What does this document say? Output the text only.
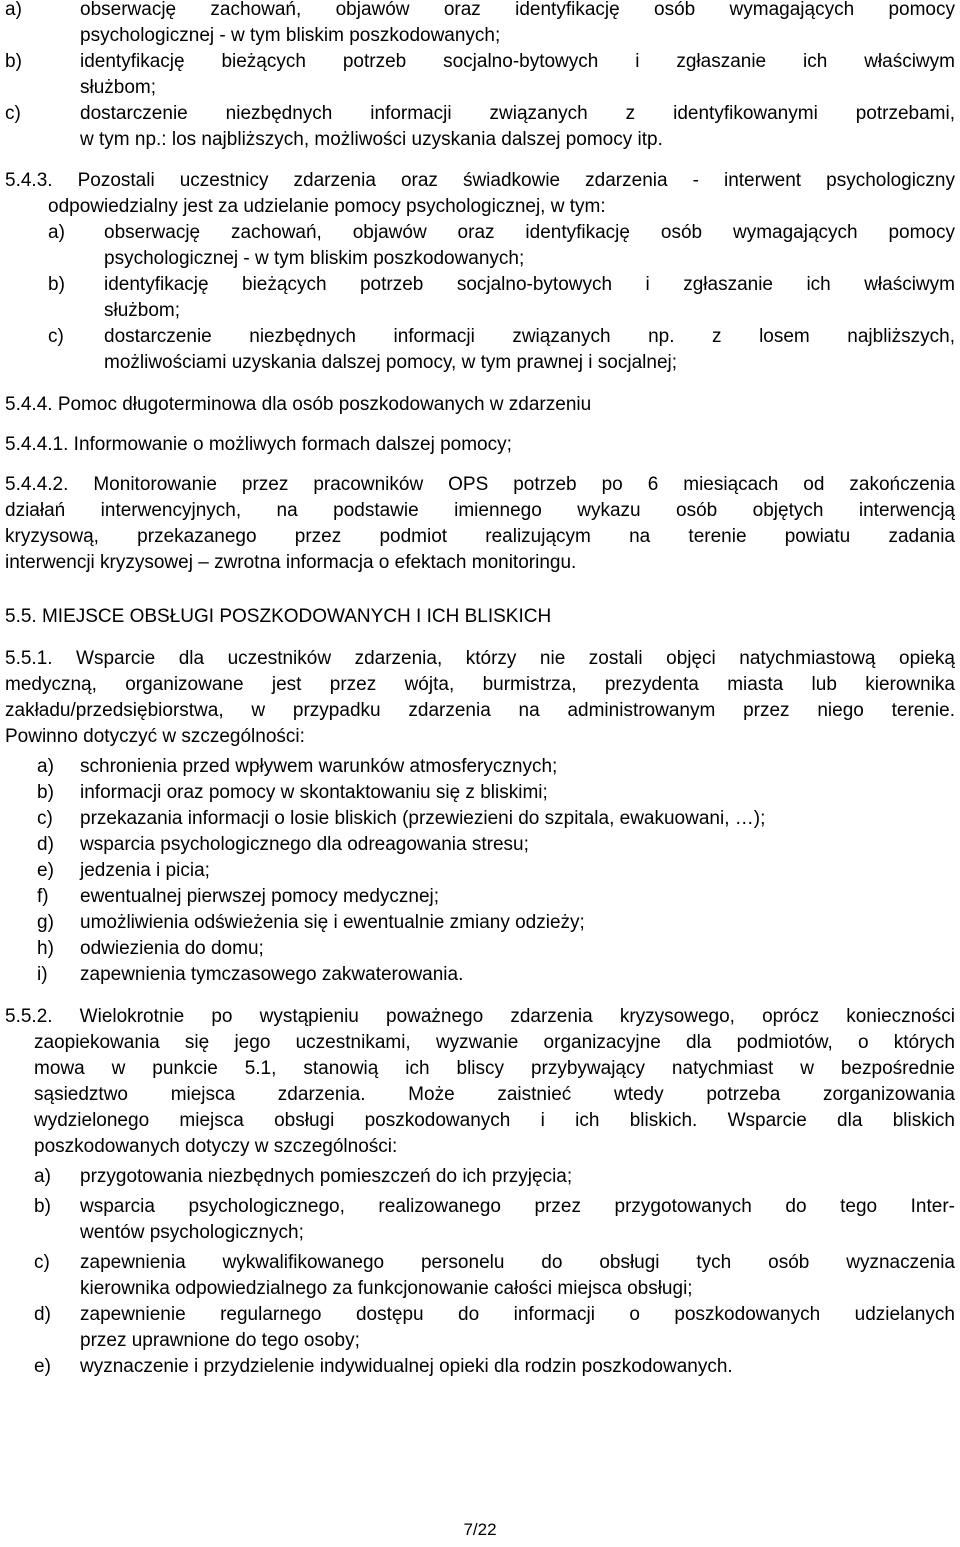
a)	obserwację zachowań, objawów oraz identyfikację osób wymagających pomocy
psychologicznej - w tym bliskim poszkodowanych;
b)	identyfikację bieżących potrzeb socjalno-bytowych i zgłaszanie ich właściwym
służbom;
c)	dostarczenie niezbędnych informacji związanych z identyfikowanymi potrzebami,
w tym np.: los najbliższych, możliwości uzyskania dalszej pomocy itp.
5.4.3. Pozostali uczestnicy zdarzenia oraz świadkowie zdarzenia - interwent psychologiczny
odpowiedzialny jest za udzielanie pomocy psychologicznej, w tym:
a) obserwację zachowań, objawów oraz identyfikację osób wymagających pomocy
psychologicznej - w tym bliskim poszkodowanych;
b) identyfikację bieżących potrzeb socjalno-bytowych i zgłaszanie ich właściwym
służbom;
c) dostarczenie niezbędnych informacji związanych np. z losem najbliższych,
możliwościami uzyskania dalszej pomocy, w tym prawnej i socjalnej;
5.4.4. Pomoc długoterminowa dla osób poszkodowanych w zdarzeniu
5.4.4.1. Informowanie o możliwych formach dalszej pomocy;
5.4.4.2. Monitorowanie przez pracowników OPS potrzeb po 6 miesiącach od zakończenia
działań interwencyjnych, na podstawie imiennego wykazu osób objętych interwencją
kryzysową, przekazanego przez podmiot realizującym na terenie powiatu zadania
interwencji kryzysowej – zwrotna informacja o efektach monitoringu.
5.5. MIEJSCE OBSŁUGI POSZKODOWANYCH I ICH BLISKICH
5.5.1. Wsparcie dla uczestników zdarzenia, którzy nie zostali objęci natychmiastową opieką
medyczną, organizowane jest przez wójta, burmistrza, prezydenta miasta lub kierownika
zakładu/przedsiębiorstwa, w przypadku zdarzenia na administrowanym przez niego terenie.
Powinno dotyczyć w szczególności:
a) schronienia przed wpływem warunków atmosferycznych;
b) informacji oraz pomocy w skontaktowaniu się z bliskimi;
c) przekazania informacji o losie bliskich (przewiezieni do szpitala, ewakuowani, …);
d) wsparcia psychologicznego dla odreagowania stresu;
e) jedzenia i picia;
f) ewentualnej pierwszej pomocy medycznej;
g) umożliwienia odświeżenia się i ewentualnie zmiany odzieży;
h) odwiezienia do domu;
i) zapewnienia tymczasowego zakwaterowania.
5.5.2. Wielokrotnie po wystąpieniu poważnego zdarzenia kryzysowego, oprócz konieczności
zaopiekowania się jego uczestnikami, wyzwanie organizacyjne dla podmiotów, o których
mowa w punkcie 5.1, stanowią ich bliscy przybywający natychmiast w bezpośrednie
sąsiedztwo miejsca zdarzenia. Może zaistnieć wtedy potrzeba zorganizowania
wydzielonego miejsca obsługi poszkodowanych i ich bliskich. Wsparcie dla bliskich
poszkodowanych dotyczy w szczególności:
a) przygotowania niezbędnych pomieszczeń do ich przyjęcia;
b) wsparcia psychologicznego, realizowanego przez przygotowanych do tego Inter-
wentów psychologicznych;
c) zapewnienia wykwalifikowanego personelu do obsługi tych osób wyznaczenia
kierownika odpowiedzialnego za funkcjonowanie całości miejsca obsługi;
d) zapewnienie regularnego dostępu do informacji o poszkodowanych udzielanych
przez uprawnione do tego osoby;
e) wyznaczenie i przydzielenie indywidualnej opieki dla rodzin poszkodowanych.
7/22
